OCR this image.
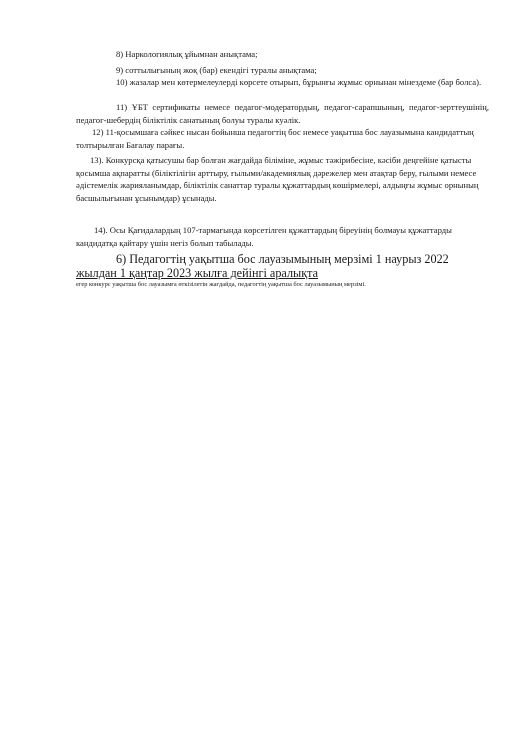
8) Наркологиялық ұйымнан анықтама;

9) соттылығының жоқ (бар) екендігі туралы анықтама;

10) жазалар мен көтермелеулерді көрсете отырып, бұрынғы жұмыс орнынан мінездеме (бар болса).

11) ҰБТ сертификаты немесе педагог-модератордың, педагог-сарапшының, педагог-зерттеушінің, педагог-шебердің біліктілік санатының болуы туралы куәлік.

12) 11-қосымшаға сәйкес нысан бойынша педагогтің бос немесе уақытша бос лауазымына кандидаттың толтырылған Бағалау парағы.

13). Конкурсқа қатысушы бар болған жағдайда біліміне, жұмыс тәжірибесіне, кәсіби деңгейіне қатысты қосымша ақпаратты (біліктілігін арттыру, ғылыми/академиялық дәрежелер мен атақтар беру, ғылыми немесе әдістемелік жарияланымдар, біліктілік санаттар туралы құжаттардың көшірмелері, алдыңғы жұмыс орнының басшылығынан ұсынымдар) ұсынады.

14). Осы Қағидалардың 107-тармағында көрсетілген құжаттардың біреуінің болмауы құжаттарды кандидатқа қайтару үшін негіз болып табылады.

6) Педагогтің уақытша бос лауазымының мерзімі 1 наурыз 2022

жылдан 1 қаңтар 2023 жылға дейінгі аралықта

егер конкурс уақытша бос лауазымға өткізілетін жағдайда, педагогтің уақытша бос лауазымының мерзімі.
